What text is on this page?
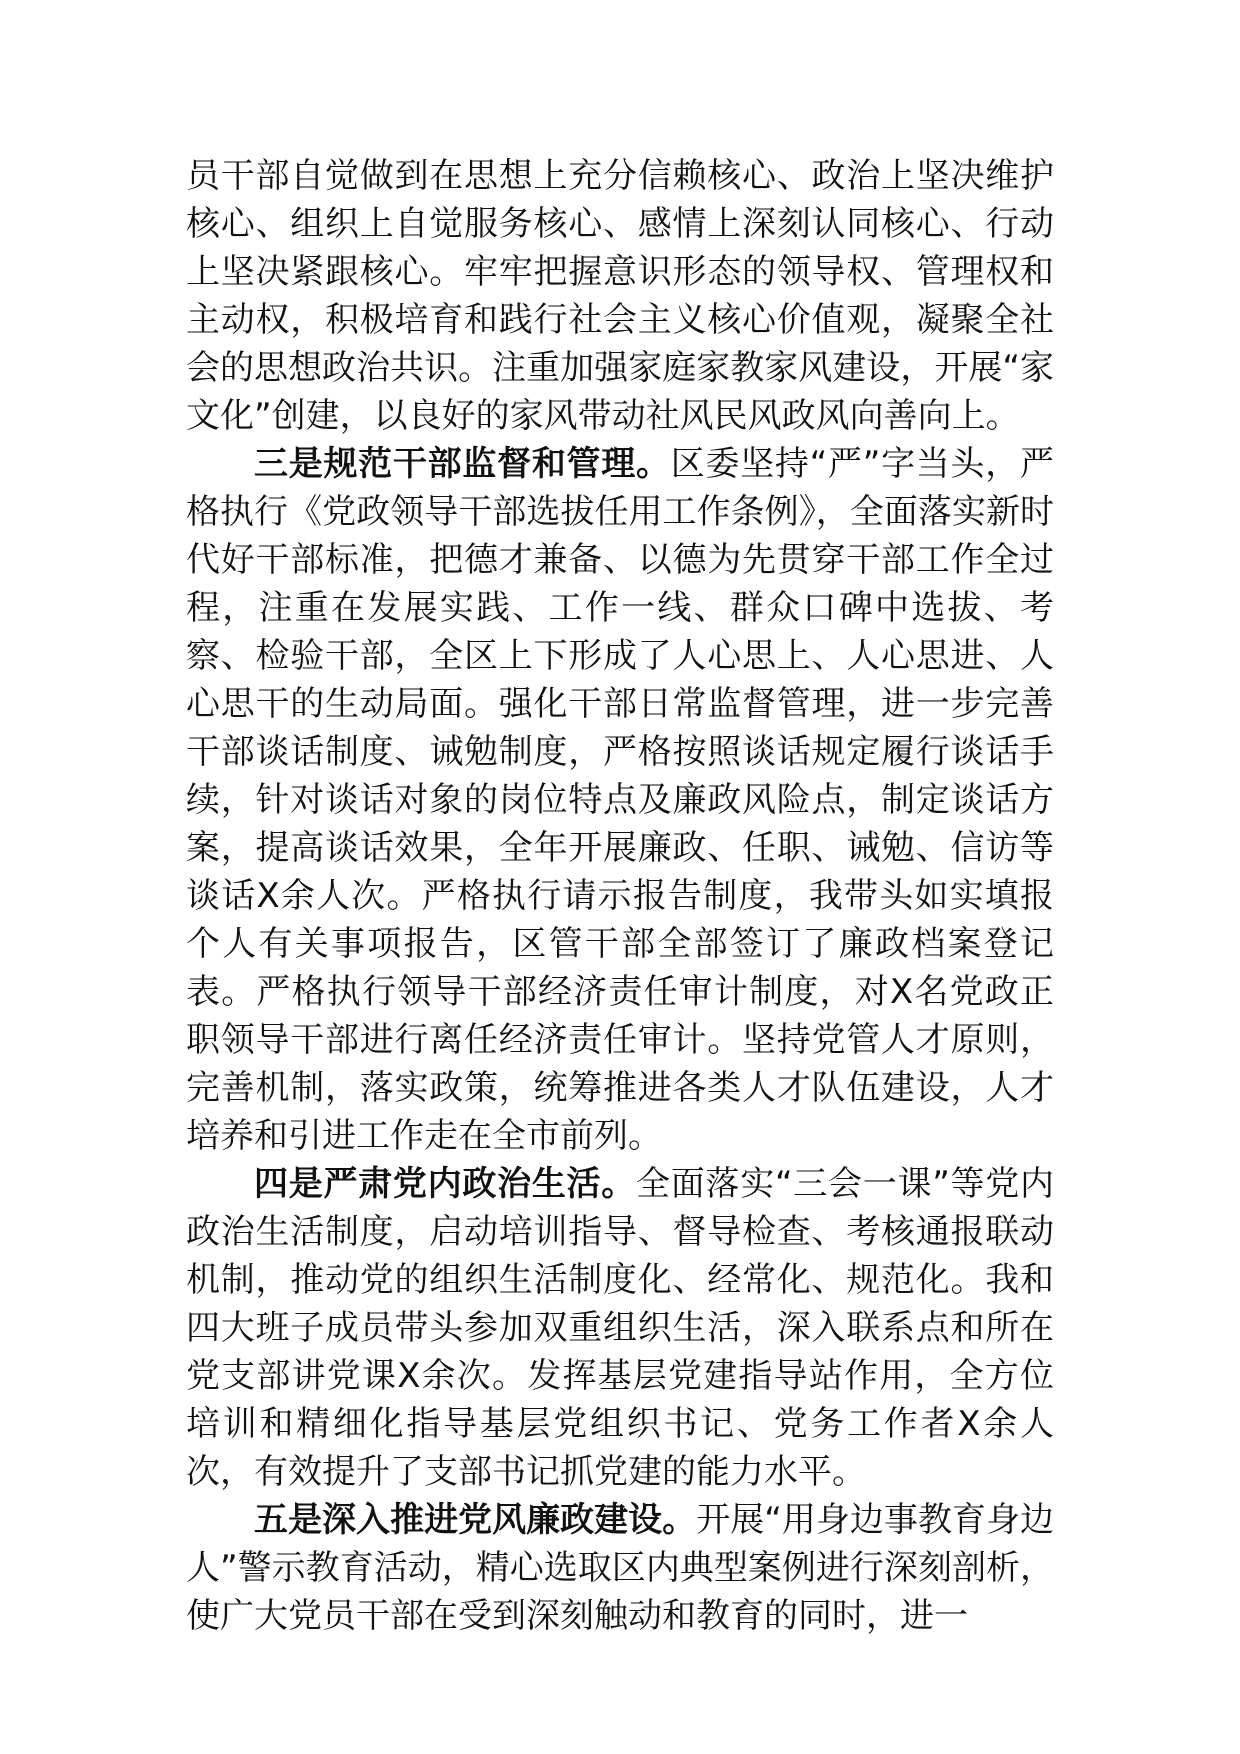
员干部自觉做到在思想上充分信赖核心、政治上坚决维护核心、组织上自觉服务核心、感情上深刻认同核心、行动上坚决紧跟核心。牢牢把握意识形态的领导权、管理权和主动权，积极培育和践行社会主义核心价值观，凝聚全社会的思想政治共识。注重加强家庭家教家风建设，开展“家文化”创建，以良好的家风带动社风民风政风向善向上。

三是规范干部监督和管理。区委坚持“严”字当头，严格执行《党政领导干部选拔任用工作条例》，全面落实新时代好干部标准，把德才兼备、以德为先贯穿干部工作全过程，注重在发展实践、工作一线、群众口碑中选拔、考察、检验干部，全区上下形成了人心思上、人心思进、人心思干的生动局面。强化干部日常监督管理，进一步完善干部谈话制度、诫勉制度，严格按照谈话规定履行谈话手续，针对谈话对象的岗位特点及廉政风险点，制定谈话方案，提高谈话效果，全年开展廉政、任职、诫勉、信访等谈话X余人次。严格执行请示报告制度，我带头如实填报个人有关事项报告，区管干部全部签订了廉政档案登记表。严格执行领导干部经济责任审计制度，对X名党政正职领导干部进行离任经济责任审计。坚持党管人才原则，完善机制，落实政策，统筹推进各类人才队伍建设，人才培养和引进工作走在全市前列。

四是严肃党内政治生活。全面落实“三会一课”等党内政治生活制度，启动培训指导、督导检查、考核通报联动机制，推动党的组织生活制度化、经常化、规范化。我和四大班子成员带头参加双重组织生活，深入联系点和所在党支部讲党课X余次。发挥基层党建指导站作用，全方位培训和精细化指导基层党组织书记、党务工作者X余人次，有效提升了支部书记抓党建的能力水平。

五是深入推进党风廉政建设。开展“用身边事教育身边人”警示教育活动，精心选取区内典型案例进行深刻剖析，使广大党员干部在受到深刻触动和教育的同时，进一
